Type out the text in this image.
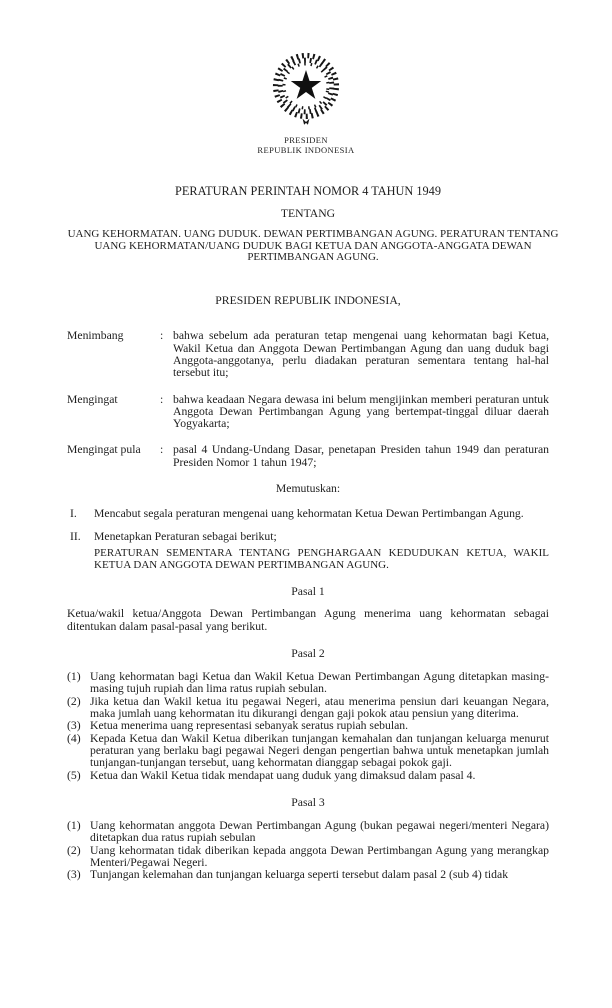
PRESIDEN
REPUBLIK INDONESIA
PERATURAN PERINTAH NOMOR 4 TAHUN 1949
TENTANG
UANG KEHORMATAN. UANG DUDUK. DEWAN PERTIMBANGAN AGUNG. PERATURAN TENTANG UANG KEHORMATAN/UANG DUDUK BAGI KETUA DAN ANGGOTA-ANGGATA DEWAN PERTIMBANGAN AGUNG.
PRESIDEN REPUBLIK INDONESIA,
Menimbang	: bahwa sebelum ada peraturan tetap mengenai uang kehormatan bagi Ketua, Wakil Ketua dan Anggota Dewan Pertimbangan Agung dan uang duduk bagi Anggota-anggotanya, perlu diadakan peraturan sementara tentang hal-hal tersebut itu;
Mengingat	: bahwa keadaan Negara dewasa ini belum mengijinkan memberi peraturan untuk Anggota Dewan Pertimbangan Agung yang bertempat-tinggal diluar daerah Yogyakarta;
Mengingat pula	: pasal 4 Undang-Undang Dasar, penetapan Presiden tahun 1949 dan peraturan Presiden Nomor 1 tahun 1947;
Memutuskan:
I.	Mencabut segala peraturan mengenai uang kehormatan Ketua Dewan Pertimbangan Agung.
II.	Menetapkan Peraturan sebagai berikut;
PERATURAN SEMENTARA TENTANG PENGHARGAAN KEDUDUKAN KETUA, WAKIL KETUA DAN ANGGOTA DEWAN PERTIMBANGAN AGUNG.
Pasal 1

Ketua/wakil ketua/Anggota Dewan Pertimbangan Agung menerima uang kehormatan sebagai ditentukan dalam pasal-pasal yang berikut.

Pasal 2
(1) Uang kehormatan bagi Ketua dan Wakil Ketua Dewan Pertimbangan Agung ditetapkan masing-masing tujuh rupiah dan lima ratus rupiah sebulan.
(2) Jika ketua dan Wakil ketua itu pegawai Negeri, atau menerima pensiun dari keuangan Negara, maka jumlah uang kehormatan itu dikurangi dengan gaji pokok atau pensiun yang diterima.
(3) Ketua menerima uang representasi sebanyak seratus rupiah sebulan.
(4) Kepada Ketua dan Wakil Ketua diberikan tunjangan kemahalan dan tunjangan keluarga menurut peraturan yang berlaku bagi pegawai Negeri dengan pengertian bahwa untuk menetapkan jumlah tunjangan-tunjangan tersebut, uang kehormatan dianggap sebagai pokok gaji.
(5) Ketua dan Wakil Ketua tidak mendapat uang duduk yang dimaksud dalam pasal 4.
Pasal 3
(1) Uang kehormatan anggota Dewan Pertimbangan Agung (bukan pegawai negeri/menteri Negara) ditetapkan dua ratus rupiah sebulan
(2) Uang kehormatan tidak diberikan kepada anggota Dewan Pertimbangan Agung yang merangkap Menteri/Pegawai Negeri.
(3) Tunjangan kelemahan dan tunjangan keluarga seperti tersebut dalam pasal 2 (sub 4) tidak
